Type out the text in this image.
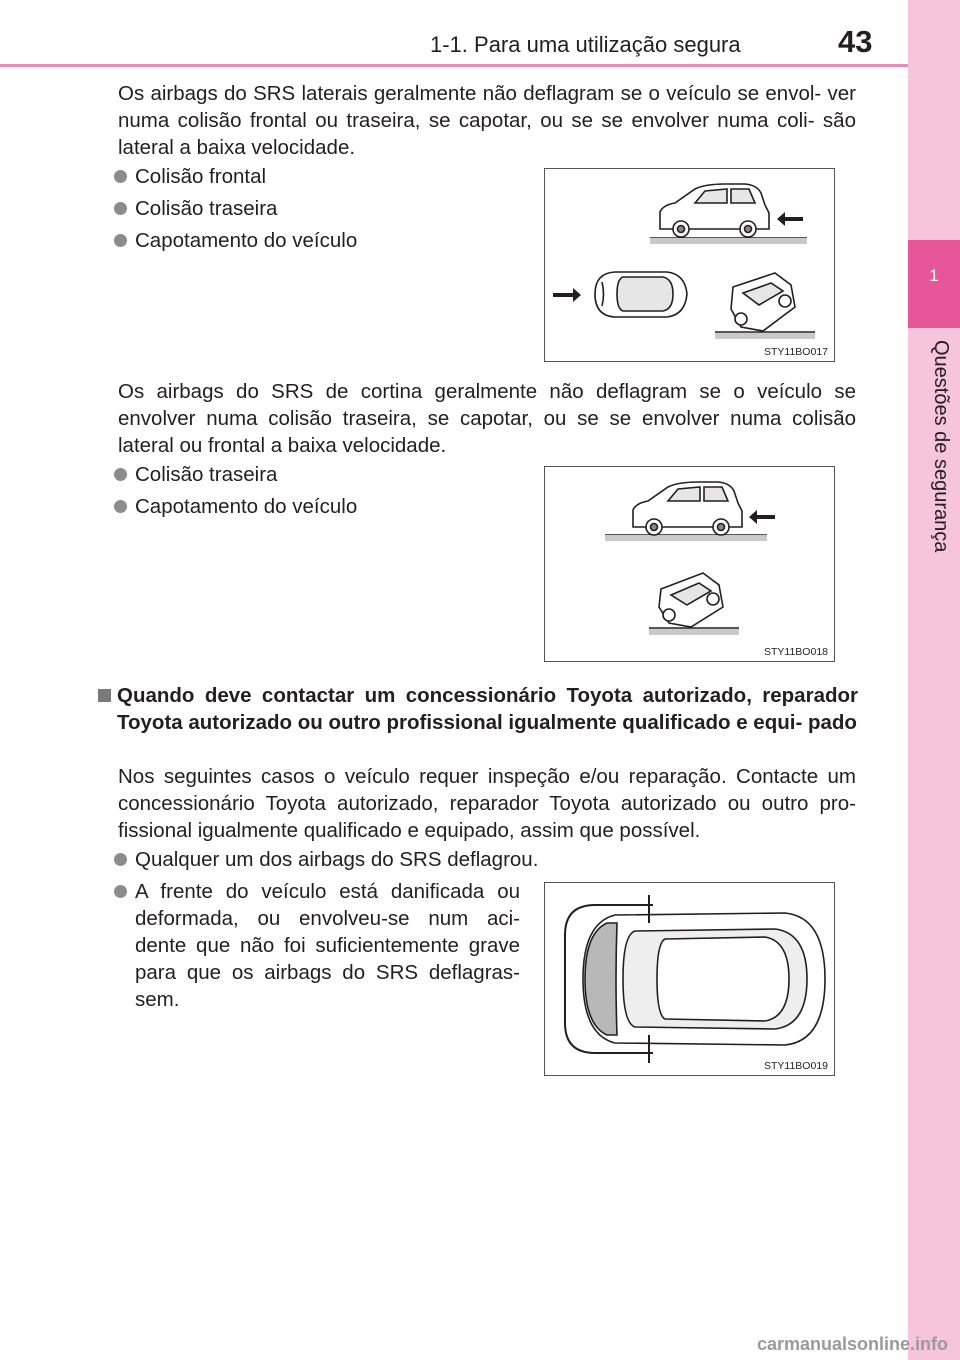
1-1. Para uma utilização segura	43
1
Questões de segurança
Os airbags do SRS laterais geralmente não deflagram se o veículo se envol- ver numa colisão frontal ou traseira, se capotar, ou se se envolver numa coli- são lateral a baixa velocidade.
Colisão frontal
Colisão traseira
Capotamento do veículo
STY11BO017
Os airbags do SRS de cortina geralmente não deflagram se o veículo se envolver numa colisão traseira, se capotar, ou se se envolver numa colisão lateral ou frontal a baixa velocidade.
Colisão traseira
Capotamento do veículo
STY11BO018
Quando deve contactar um concessionário Toyota autorizado, reparador Toyota autorizado ou outro profissional igualmente qualificado e equi- pado
Nos seguintes casos o veículo requer inspeção e/ou reparação. Contacte um concessionário Toyota autorizado, reparador Toyota autorizado ou outro pro- fissional igualmente qualificado e equipado, assim que possível.
Qualquer um dos airbags do SRS deflagrou.
A frente do veículo está danificada ou deformada, ou envolveu-se num aci- dente que não foi suficientemente grave para que os airbags do SRS deflagras- sem.
STY11BO019
carmanualsonline.info
